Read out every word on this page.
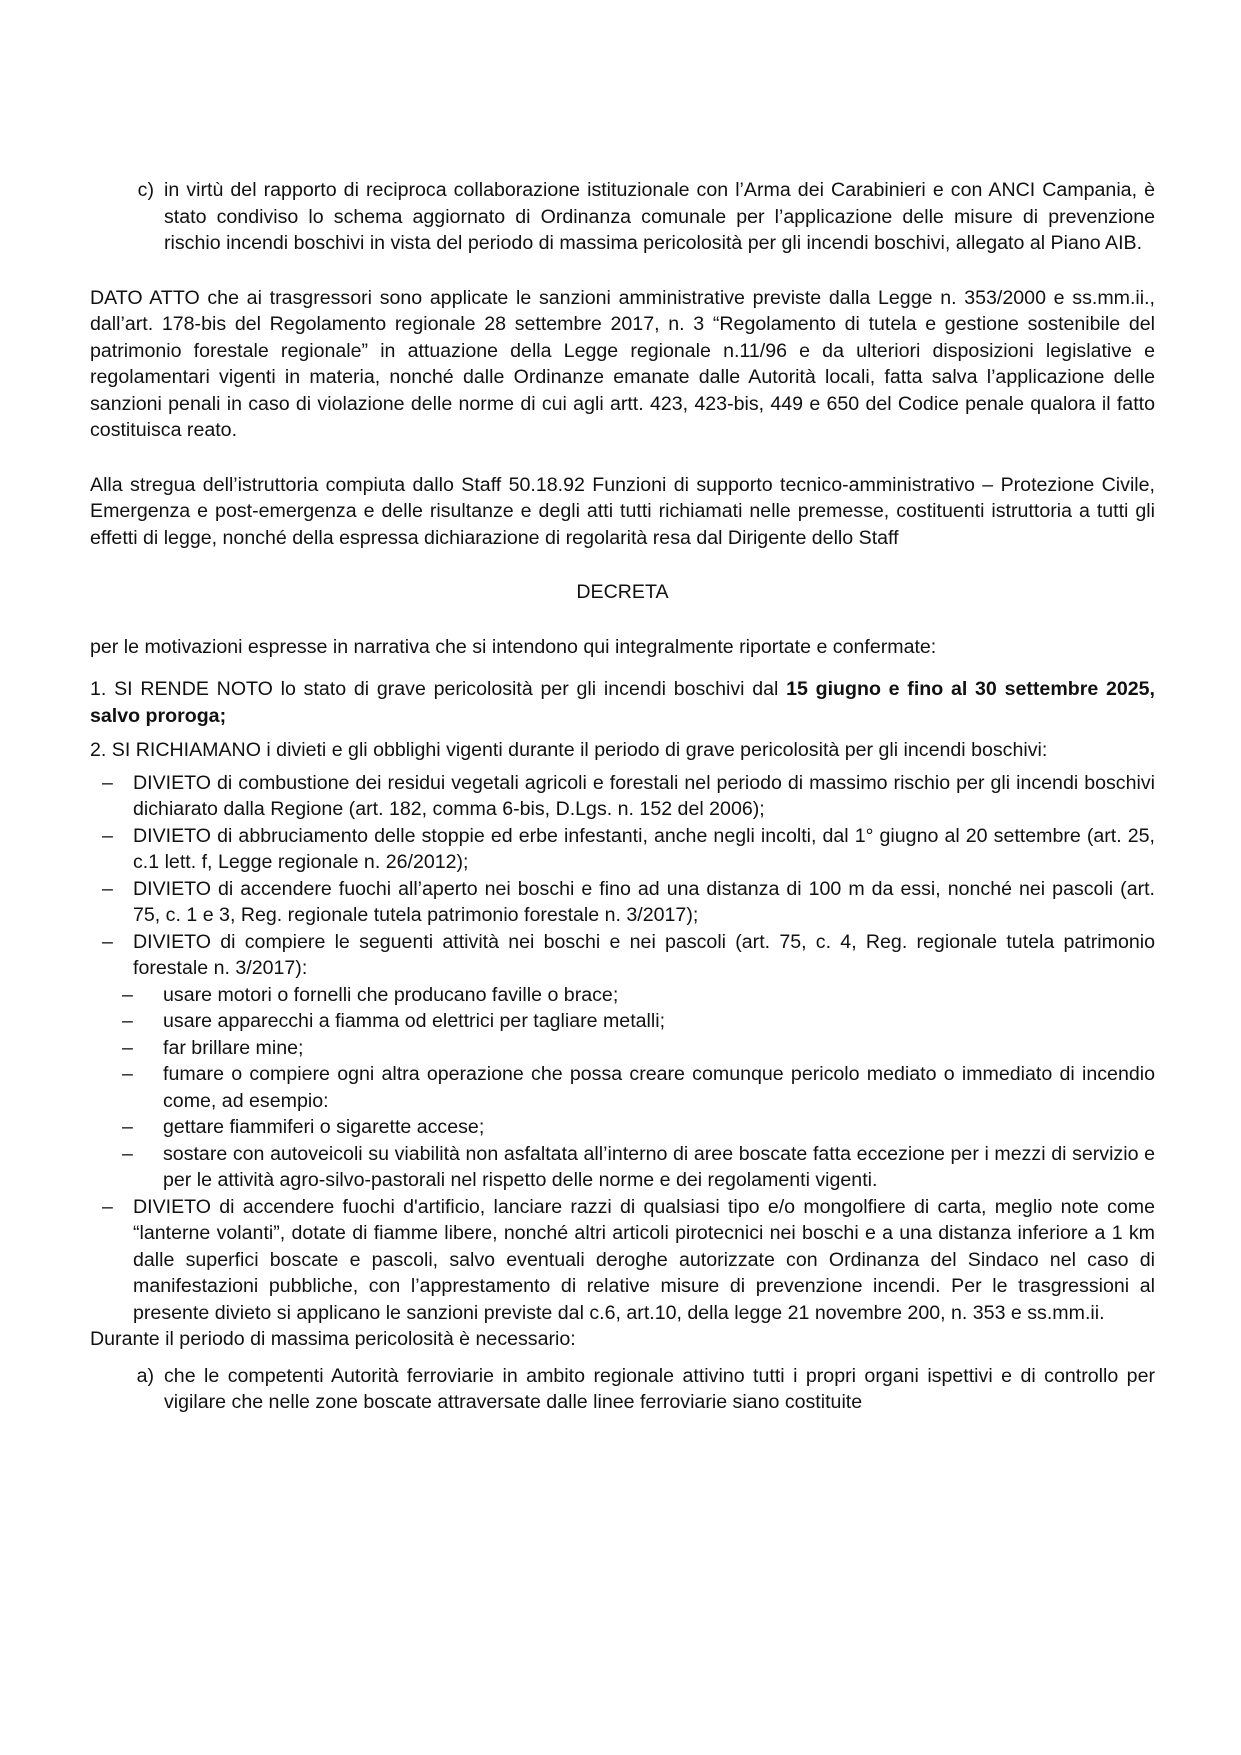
c) in virtù del rapporto di reciproca collaborazione istituzionale con l’Arma dei Carabinieri e con ANCI Campania, è stato condiviso lo schema aggiornato di Ordinanza comunale per l’applicazione delle misure di prevenzione rischio incendi boschivi in vista del periodo di massima pericolosità per gli incendi boschivi, allegato al Piano AIB.

DATO ATTO che ai trasgressori sono applicate le sanzioni amministrative previste dalla Legge n. 353/2000 e ss.mm.ii., dall’art. 178-bis del Regolamento regionale 28 settembre 2017, n. 3 “Regolamento di tutela e gestione sostenibile del patrimonio forestale regionale” in attuazione della Legge regionale n.11/96 e da ulteriori disposizioni legislative e regolamentari vigenti in materia, nonché dalle Ordinanze emanate dalle Autorità locali, fatta salva l’applicazione delle sanzioni penali in caso di violazione delle norme di cui agli artt. 423, 423-bis, 449 e 650 del Codice penale qualora il fatto costituisca reato.

Alla stregua dell’istruttoria compiuta dallo Staff 50.18.92 Funzioni di supporto tecnico-amministrativo – Protezione Civile, Emergenza e post-emergenza e delle risultanze e degli atti tutti richiamati nelle premesse, costituenti istruttoria a tutti gli effetti di legge, nonché della espressa dichiarazione di regolarità resa dal Dirigente dello Staff

DECRETA

per le motivazioni espresse in narrativa che si intendono qui integralmente riportate e confermate:

1. SI RENDE NOTO lo stato di grave pericolosità per gli incendi boschivi dal 15 giugno e fino al 30 settembre 2025, salvo proroga;

2. SI RICHIAMANO i divieti e gli obblighi vigenti durante il periodo di grave pericolosità per gli incendi boschivi:

–	DIVIETO di combustione dei residui vegetali agricoli e forestali nel periodo di massimo rischio per gli incendi boschivi dichiarato dalla Regione (art. 182, comma 6-bis, D.Lgs. n. 152 del 2006);
–	DIVIETO di abbruciamento delle stoppie ed erbe infestanti, anche negli incolti, dal 1° giugno al 20 settembre (art. 25, c.1 lett. f, Legge regionale n. 26/2012);
–	DIVIETO di accendere fuochi all’aperto nei boschi e fino ad una distanza di 100 m da essi, nonché nei pascoli (art. 75, c. 1 e 3, Reg. regionale tutela patrimonio forestale n. 3/2017);
–	DIVIETO di compiere le seguenti attività nei boschi e nei pascoli (art. 75, c. 4, Reg. regionale tutela patrimonio forestale n. 3/2017):
–	usare motori o fornelli che producano faville o brace;
–	usare apparecchi a fiamma od elettrici per tagliare metalli;
–	far brillare mine;
–	fumare o compiere ogni altra operazione che possa creare comunque pericolo mediato o immediato di incendio come, ad esempio:
–	gettare fiammiferi o sigarette accese;
–	sostare con autoveicoli su viabilità non asfaltata all’interno di aree boscate fatta eccezione per i mezzi di servizio e per le attività agro-silvo-pastorali nel rispetto delle norme e dei regolamenti vigenti.
–	DIVIETO di accendere fuochi d'artificio, lanciare razzi di qualsiasi tipo e/o mongolfiere di carta, meglio note come “lanterne volanti”, dotate di fiamme libere, nonché altri articoli pirotecnici nei boschi e a una distanza inferiore a 1 km dalle superfici boscate e pascoli, salvo eventuali deroghe autorizzate con Ordinanza del Sindaco nel caso di manifestazioni pubbliche, con l’apprestamento di relative misure di prevenzione incendi. Per le trasgressioni al presente divieto si applicano le sanzioni previste dal c.6, art.10, della legge 21 novembre 200, n. 353 e ss.mm.ii.

Durante il periodo di massima pericolosità è necessario:

a) che le competenti Autorità ferroviarie in ambito regionale attivino tutti i propri organi ispettivi e di controllo per vigilare che nelle zone boscate attraversate dalle linee ferroviarie siano costituite
